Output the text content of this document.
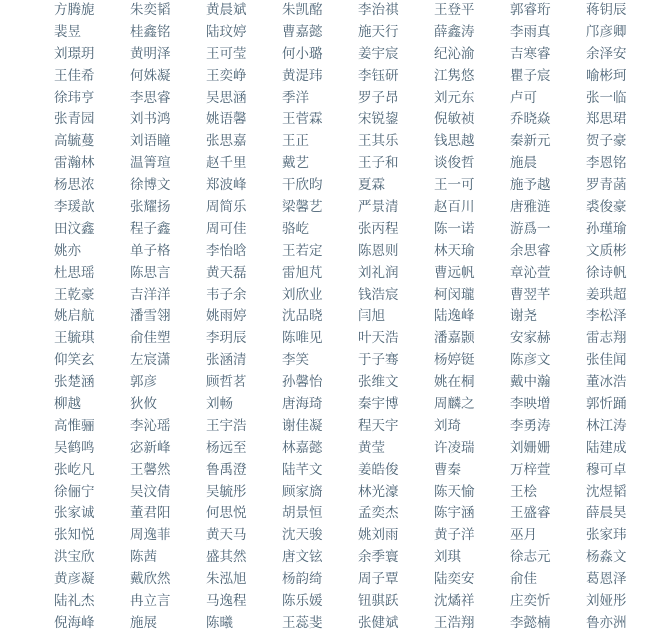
方腾旎	朱奕韬	黄晨斌	朱凯酩	李治祺	王登平	郭睿珩	蒋钥辰
裴昱	桂鑫铭	陆玟婷	曹嘉懿	施天行	薛鑫涛	李雨真	邝彦卿
刘璟玥	黄明泽	王可莹	何小璐	姜宇宸	纪沁渝	吉寒睿	余泽安
王佳希	何姝凝	王奕峥	黄湜玮	李钰研	江隽悠	瞿子宸	喻彬珂
徐玮亨	李思睿	吴思涵	季洋	罗子昂	刘元东	卢可	张一临
张青园	刘书鸿	姚语馨	王菅霖	宋锐鋆	倪敏祯	乔晓焱	郑思珺
高毓蔓	刘语瞳	张思嘉	王正	王其乐	钱思越	秦新元	贺子豪
雷瀚林	温箐瑄	赵千里	戴艺	王子和	谈俊哲	施晨	李恩铭
杨思浓	徐博文	郑波峰	干欣昀	夏霖	王一可	施予越	罗青菡
李瑗歆	张耀扬	周简乐	梁馨艺	严景清	赵百川	唐雅涟	裘俊豪
田汶鑫	程子鑫	周可佳	骆屹	张丙程	陈一诺	游爲一	孙瑾瑜
姚亦	单子格	李怡晗	王若定	陈恩则	林天瑜	余思睿	文质彬
杜思瑶	陈思言	黄天磊	雷旭芃	刘礼润	曹远帆	章沁萱	徐诗帆
王乾豪	吉洋洋	韦子余	刘欣业	钱浩宸	柯闵瓏	曹翌芊	姜珙超
姚启航	潘雪翎	姚雨婷	沈品晓	闫旭	陆逸峰	谢尧	李松泽
王毓琪	俞佳塑	李玥辰	陈唯见	叶天浩	潘嘉颢	安家赫	雷志翔
仰笑玄	左宸潇	张涵清	李笑	于子骞	杨婷铤	陈彦文	张佳闻
张楚涵	郭彦	顾哲茗	孙馨怡	张维文	姚在桐	戴中瀚	董冰浩
柳越	狄攸	刘畅	唐海琦	秦宇博	周麟之	李映增	郭忻踊
高惟骊	李沁瑶	王宇浩	谢佳凝	程天宇	刘琦	李勇涛	林江涛
吴鹤鸣	宓新峰	杨远至	林嘉懿	黄莹	许凌瑞	刘姗姗	陆建成
张屹凡	王馨然	鲁禹澄	陆芊文	姜皓俊	曹秦	万梓萱	穆可卓
徐俪宁	吴汶倩	吴毓彤	顾家旖	林光濠	陈天愉	王桧	沈煜韬
张家诚	董君阳	何思悦	胡景恒	孟奕杰	陈宇涵	王盛睿	薛晨昊
张知悦	周逸菲	黄天马	沈天骏	姚刘雨	黄子洋	巫月	张家玮
洪宝欣	陈茜	盛其然	唐文铉	余季寰	刘琪	徐志元	杨淼文
黄彦凝	戴欣然	朱泓旭	杨韵绮	周子覃	陆奕安	俞佳	葛恩泽
陆礼杰	冉立言	马逸程	陈乐媛	钮骐跃	沈燏祥	庄奕忻	刘娅彤
倪海峰	施展	陈曦	王蕊斐	张健斌	王浩翔	李懿楠	鲁亦洲
